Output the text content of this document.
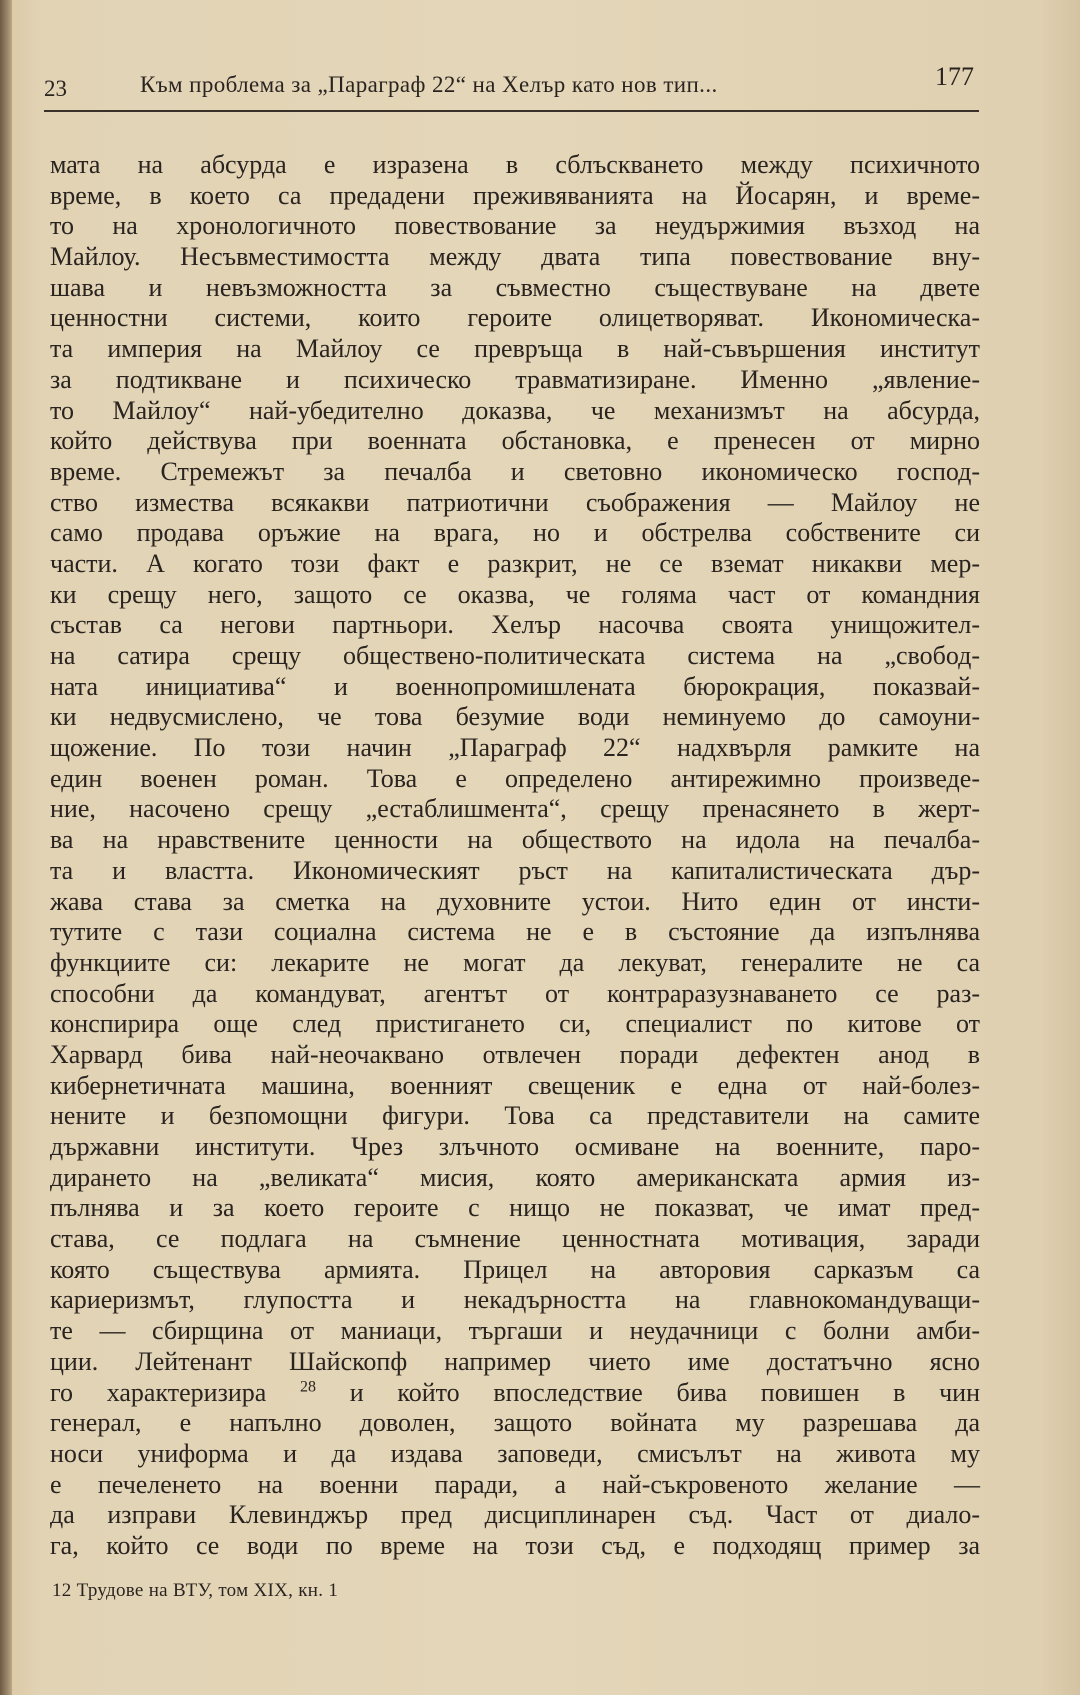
23	Към проблема за „Параграф 22“ на Хелър като нов тип...	177
мата на абсурда е изразена в сблъскването между психичното
време, в което са предадени преживяванията на Йосарян, и време-
то на хронологичното повествование за неудържимия възход на
Майлоу. Несъвместимостта между двата типа повествование вну-
шава и невъзможността за съвместно съществуване на двете
ценностни системи, които героите олицетворяват. Икономическа-
та империя на Майлоу се превръща в най-съвършения институт
за подтикване и психическо травматизиране. Именно „явление-
то Майлоу“ най-убедително доказва, че механизмът на абсурда,
който действува при военната обстановка, е пренесен от мирно
време. Стремежът за печалба и световно икономическо господ-
ство измества всякакви патриотични съображения — Майлоу не
само продава оръжие на врага, но и обстрелва собствените си
части. А когато този факт е разкрит, не се вземат никакви мер-
ки срещу него, защото се оказва, че голяма част от командния
състав са негови партньори. Хелър насочва своята унищожител-
на сатира срещу обществено-политическата система на „свобод-
ната инициатива“ и военнопромишлената бюрокрация, показвай-
ки недвусмислено, че това безумие води неминуемо до самоуни-
щожение. По този начин „Параграф 22“ надхвърля рамките на
един военен роман. Това е определено антирежимно произведе-
ние, насочено срещу „естаблишмента“, срещу пренасянето в жерт-
ва на нравствените ценности на обществото на идола на печалба-
та и властта. Икономическият ръст на капиталистическата дър-
жава става за сметка на духовните устои. Нито един от инсти-
тутите с тази социална система не е в състояние да изпълнява
функциите си: лекарите не могат да лекуват, генералите не са
способни да командуват, агентът от контраразузнаването се раз-
конспирира още след пристигането си, специалист по китове от
Харвард бива най-неочаквано отвлечен поради дефектен анод в
кибернетичната машина, военният свещеник е една от най-болез-
нените и безпомощни фигури. Това са представители на самите
държавни институти. Чрез злъчното осмиване на военните, паро-
дирането на „великата“ мисия, която американската армия из-
пълнява и за което героите с нищо не показват, че имат пред-
става, се подлага на съмнение ценностната мотивация, заради
която съществува армията. Прицел на авторовия сарказъм са
кариеризмът, глупостта и некадърността на главнокомандуващи-
те — сбирщина от маниаци, търгаши и неудачници с болни амби-
ции. Лейтенант Шайскопф например чието име достатъчно ясно
го характеризира $^{28}$ и който впоследствие бива повишен в чин
генерал, е напълно доволен, защото войната му разрешава да
носи униформа и да издава заповеди, смисълът на живота му
е печеленето на военни паради, а най-съкровеното желание —
да изправи Клевинджър пред дисциплинарен съд. Част от диало-
га, който се води по време на този съд, е подходящ пример за
12 Трудове на ВТУ, том XIX, кн. 1
